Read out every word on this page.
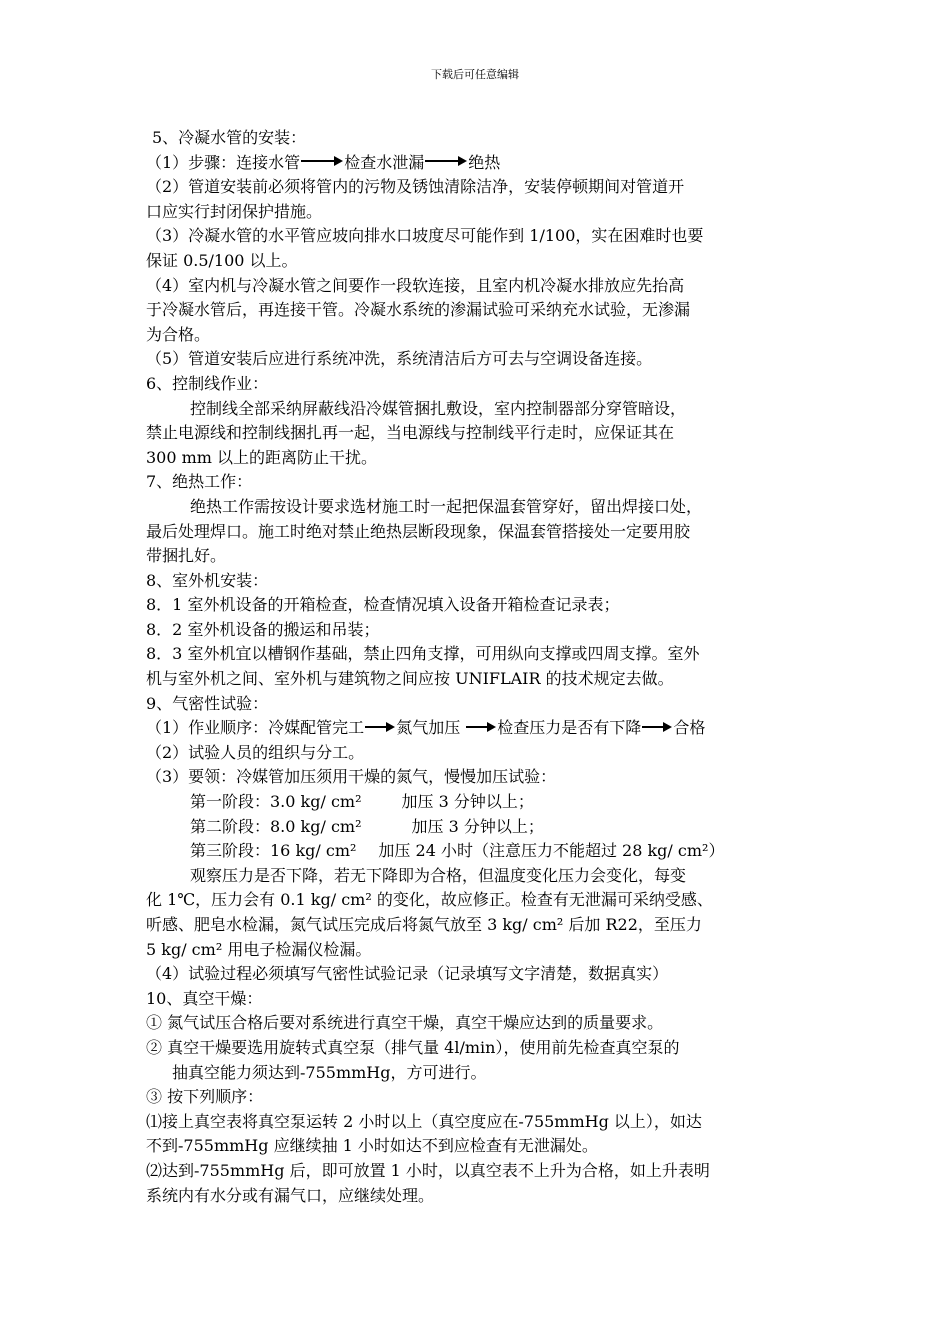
下载后可任意编辑
5、冷凝水管的安装：
（1）步骤：连接水管	检查水泄漏	绝热
（2）管道安装前必须将管内的污物及锈蚀清除洁净，安装停顿期间对管道开
口应实行封闭保护措施。
（3）冷凝水管的水平管应坡向排水口坡度尽可能作到 1/100，实在困难时也要
保证 0.5/100 以上。
（4）室内机与冷凝水管之间要作一段软连接，且室内机冷凝水排放应先抬高
于冷凝水管后，再连接干管。冷凝水系统的渗漏试验可采纳充水试验，无渗漏
为合格。
（5）管道安装后应进行系统冲洗，系统清洁后方可去与空调设备连接。
6、控制线作业：
控制线全部采纳屏蔽线沿冷媒管捆扎敷设，室内控制器部分穿管暗设，
禁止电源线和控制线捆扎再一起，当电源线与控制线平行走时，应保证其在
300 mm 以上的距离防止干扰。
7、绝热工作：
绝热工作需按设计要求选材施工时一起把保温套管穿好，留出焊接口处，
最后处理焊口。施工时绝对禁止绝热层断段现象，保温套管搭接处一定要用胶
带捆扎好。
8、室外机安装：
8．1 室外机设备的开箱检查，检查情况填入设备开箱检查记录表；
8．2 室外机设备的搬运和吊装；
8．3 室外机宜以槽钢作基础，禁止四角支撑，可用纵向支撑或四周支撑。室外
机与室外机之间、室外机与建筑物之间应按 UNIFLAIR 的技术规定去做。
9、气密性试验：
（1）作业顺序：冷媒配管完工 氮气加压 检查压力是否有下降 合格
（2）试验人员的组织与分工。
（3）要领：冷媒管加压须用干燥的氮气，慢慢加压试验：
第一阶段：3.0 kg/ cm²	加压 3 分钟以上；
第二阶段：8.0 kg/ cm²	加压 3 分钟以上；
第三阶段：16 kg/ cm² 加压 24 小时（注意压力不能超过 28 kg/ cm²）
观察压力是否下降，若无下降即为合格，但温度变化压力会变化，每变
化 1℃，压力会有 0.1 kg/ cm² 的变化，故应修正。检查有无泄漏可采纳受感、
听感、肥皂水检漏，氮气试压完成后将氮气放至 3 kg/ cm² 后加 R22，至压力
5 kg/ cm² 用电子检漏仪检漏。
（4）试验过程必须填写气密性试验记录（记录填写文字清楚，数据真实）
10、真空干燥：
① 氮气试压合格后要对系统进行真空干燥，真空干燥应达到的质量要求。
② 真空干燥要选用旋转式真空泵（排气量 4l/min），使用前先检查真空泵的
抽真空能力须达到-755mmHg，方可进行。
③ 按下列顺序：
⑴接上真空表将真空泵运转 2 小时以上（真空度应在-755mmHg 以上），如达
不到-755mmHg 应继续抽 1 小时如达不到应检查有无泄漏处。
⑵达到-755mmHg 后，即可放置 1 小时，以真空表不上升为合格，如上升表明
系统内有水分或有漏气口，应继续处理。
